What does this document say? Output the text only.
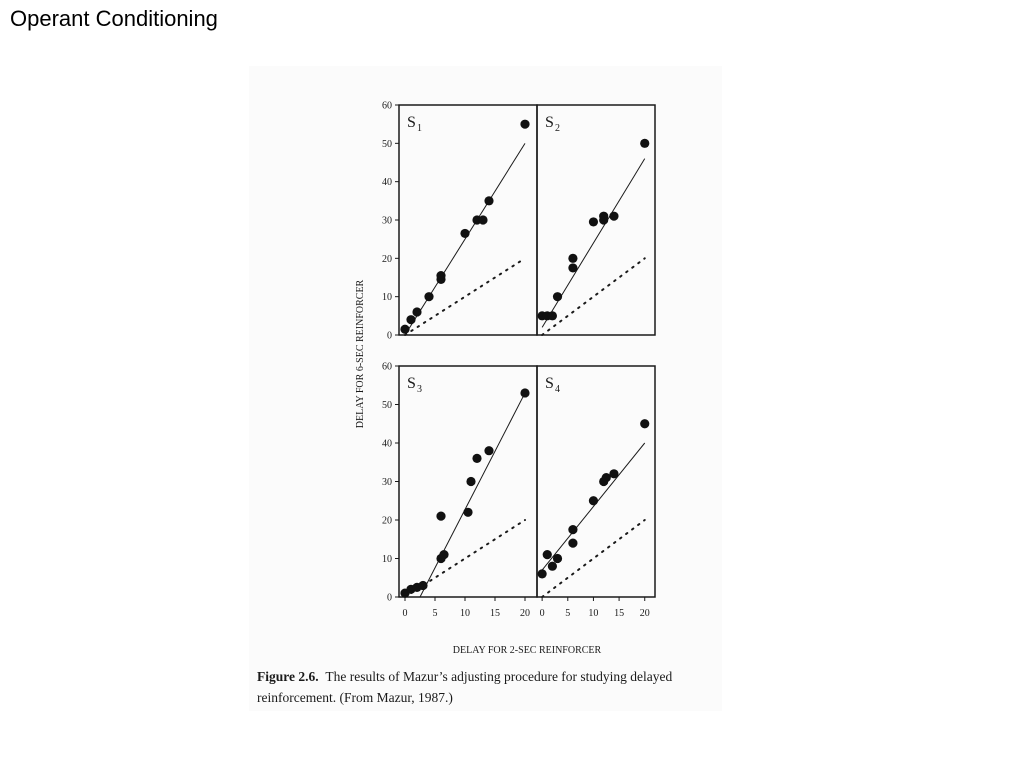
Operant Conditioning
S 1
0
10
20
30
40
50
60
S 2
S 3
0
10
20
30
40
50
60
0	5 10 15 20
S 4
0 5 10 15 20
DELAY FOR 2-SEC REINFORCER
DELAY FOR 6-SEC REINFORCER
Figure 2.6. The results of Mazur’s adjusting procedure for studying delayed reinforcement. (From Mazur, 1987.)
